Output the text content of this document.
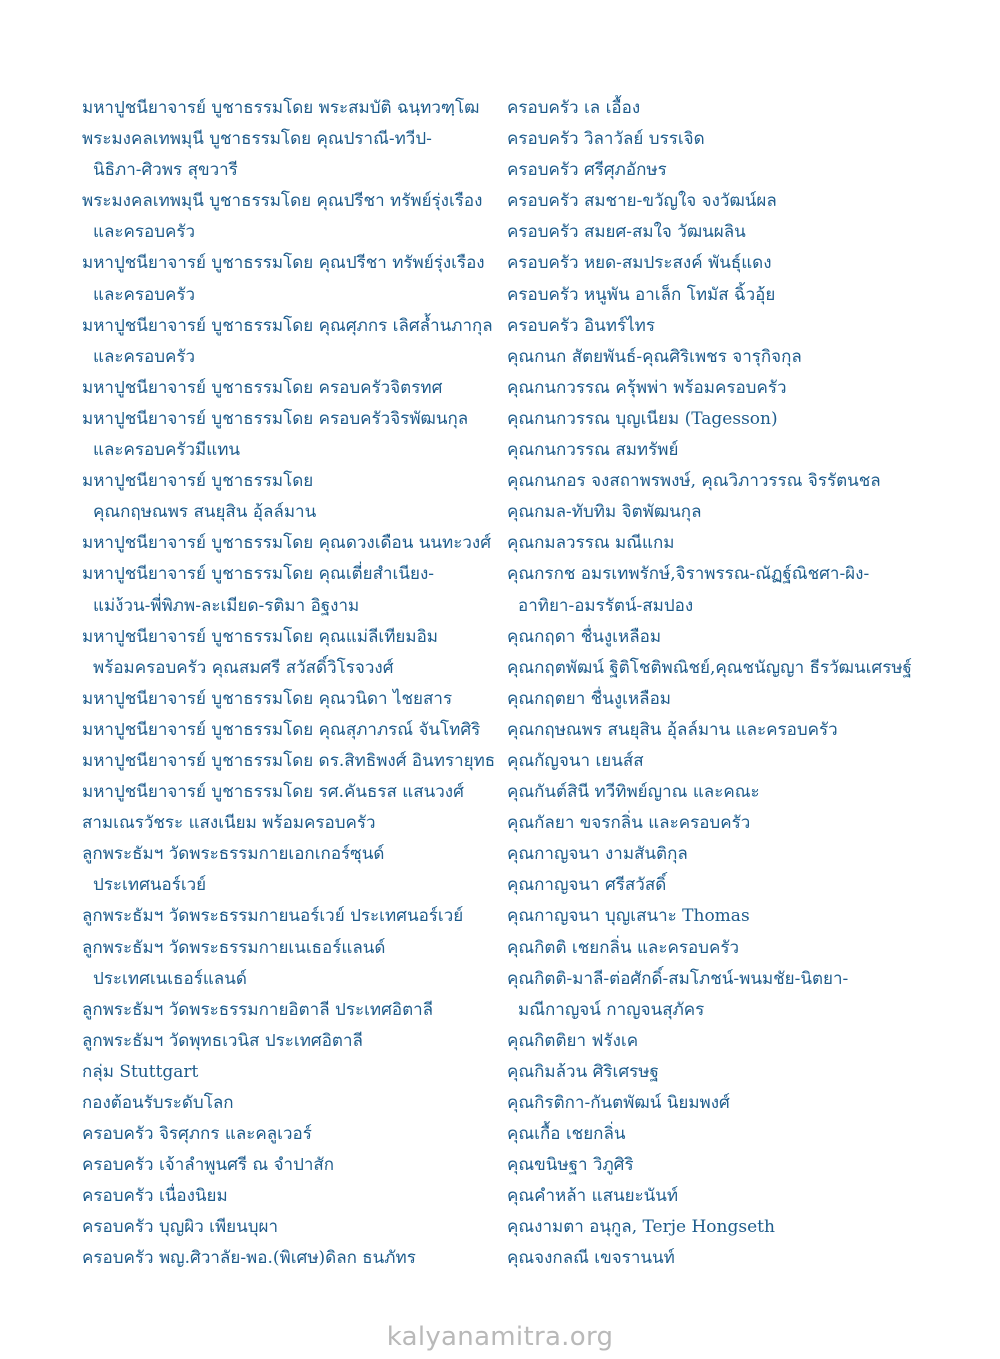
มหาปูชนียาจารย์ บูชาธรรมโดย พระสมบัติ ฉนฺทวฑฺโฒ
พระมงคลเทพมุนี บูชาธรรมโดย คุณปราณี-ทวีป-
นิธิภา-ศิวพร สุขวารี
พระมงคลเทพมุนี บูชาธรรมโดย คุณปรีชา ทรัพย์รุ่งเรือง
และครอบครัว
มหาปูชนียาจารย์ บูชาธรรมโดย คุณปรีชา ทรัพย์รุ่งเรือง
และครอบครัว
มหาปูชนียาจารย์ บูชาธรรมโดย คุณศุภกร เลิศล้ำนภากุล
และครอบครัว
มหาปูชนียาจารย์ บูชาธรรมโดย ครอบครัวจิตรทศ
มหาปูชนียาจารย์ บูชาธรรมโดย ครอบครัวจิรพัฒนกุล
และครอบครัวมีแทน
มหาปูชนียาจารย์ บูชาธรรมโดย
คุณกฤษณพร สนยุสิน อุ้ลล์มาน
มหาปูชนียาจารย์ บูชาธรรมโดย คุณดวงเดือน นนทะวงศ์
มหาปูชนียาจารย์ บูชาธรรมโดย คุณเตี่ยสำเนียง-
แม่ง้วน-พี่พิภพ-ละเมียด-รติมา อิฐงาม
มหาปูชนียาจารย์ บูชาธรรมโดย คุณแม่ลีเทียมอิม
พร้อมครอบครัว คุณสมศรี สวัสดิ์วิโรจวงศ์
มหาปูชนียาจารย์ บูชาธรรมโดย คุณวนิดา ไชยสาร
มหาปูชนียาจารย์ บูชาธรรมโดย คุณสุภาภรณ์ จันโทศิริ
มหาปูชนียาจารย์ บูชาธรรมโดย ดร.สิทธิพงศ์ อินทรายุทธ
มหาปูชนียาจารย์ บูชาธรรมโดย รศ.คันธรส แสนวงศ์
สามเณรวัชระ แสงเนียม พร้อมครอบครัว
ลูกพระธัมฯ วัดพระธรรมกายเอกเกอร์ซุนด์
ประเทศนอร์เวย์
ลูกพระธัมฯ วัดพระธรรมกายนอร์เวย์ ประเทศนอร์เวย์
ลูกพระธัมฯ วัดพระธรรมกายเนเธอร์แลนด์
ประเทศเนเธอร์แลนด์
ลูกพระธัมฯ วัดพระธรรมกายอิตาลี ประเทศอิตาลี
ลูกพระธัมฯ วัดพุทธเวนิส ประเทศอิตาลี
กลุ่ม Stuttgart
กองต้อนรับระดับโลก
ครอบครัว จิรศุภกร และคลูเวอร์
ครอบครัว เจ้าลำพูนศรี ณ จำปาสัก
ครอบครัว เนื่องนิยม
ครอบครัว บุญผิว เพียนบุผา
ครอบครัว พญ.ศิวาลัย-พอ.(พิเศษ)ดิลก ธนภัทร
ครอบครัว เล เอื้อง
ครอบครัว วิลาวัลย์ บรรเจิด
ครอบครัว ศรีศุภอักษร
ครอบครัว สมชาย-ขวัญใจ จงวัฒน์ผล
ครอบครัว สมยศ-สมใจ วัฒนผลิน
ครอบครัว หยด-สมประสงค์ พันธุ์แดง
ครอบครัว หนูพัน อาเล็ก โทมัส ฉิ้วอุ้ย
ครอบครัว อินทร์ไทร
คุณกนก สัตยพันธ์-คุณศิริเพชร จารุกิจกุล
คุณกนกวรรณ ครุ้พพ่า พร้อมครอบครัว
คุณกนกวรรณ บุญเนียม (Tagesson)
คุณกนกวรรณ สมทรัพย์
คุณกนกอร จงสถาพรพงษ์, คุณวิภาวรรณ จิรรัตนชล
คุณกมล-ทับทิม จิตพัฒนกุล
คุณกมลวรรณ มณีแกม
คุณกรกช อมรเทพรักษ์,จิราพรรณ-ณัฏฐ์ณิชศา-ผิง-
อาทิยา-อมรรัตน์-สมปอง
คุณกฤดา ชื่นงูเหลือม
คุณกฤตพัฒน์ ฐิติโชติพณิชย์,คุณชนัญญา ธีรวัฒนเศรษฐ์
คุณกฤตยา ชื่นงูเหลือม
คุณกฤษณพร สนยุสิน อุ้ลล์มาน และครอบครัว
คุณกัญจนา เยนส์ส
คุณกันต์สินี ทวีทิพย์ญาณ และคณะ
คุณกัลยา ขจรกลิ่น และครอบครัว
คุณกาญจนา งามสันติกุล
คุณกาญจนา ศรีสวัสดิ์
คุณกาญจนา บุญเสนาะ Thomas
คุณกิตติ เชยกลิ่น และครอบครัว
คุณกิตติ-มาลี-ต่อศักดิ์-สมโภชน์-พนมชัย-นิตยา-
มณีกาญจน์ กาญจนสุภัคร
คุณกิตติยา ฟรังเค
คุณกิมล้วน ศิริเศรษฐ
คุณกิรติกา-กันตพัฒน์ นิยมพงศ์
คุณเกื้อ เชยกลิ่น
คุณขนิษฐา วิภูศิริ
คุณคำหล้า แสนยะนันท์
คุณงามตา อนุกูล, Terje Hongseth
คุณจงกลณี เขจรานนท์
kalyanamitra.org
